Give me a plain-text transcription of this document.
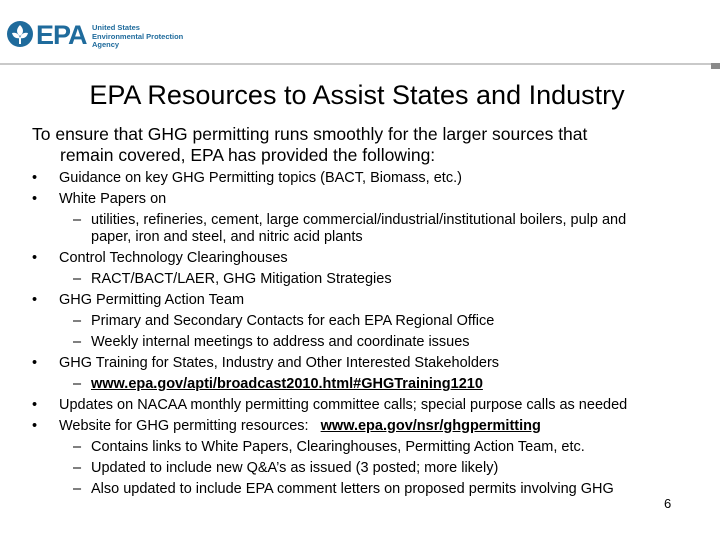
EPA United States
Environmental Protection
Agency
EPA Resources to Assist States and Industry
To ensure that GHG permitting runs smoothly for the larger sources that
remain covered, EPA has provided the following:
• Guidance on key GHG Permitting topics (BACT, Biomass, etc.)
• White Papers on
– utilities, refineries, cement, large commercial/industrial/institutional boilers, pulp and
paper, iron and steel, and nitric acid plants
• Control Technology Clearinghouses
– RACT/BACT/LAER, GHG Mitigation Strategies
• GHG Permitting Action Team
– Primary and Secondary Contacts for each EPA Regional Office
– Weekly internal meetings to address and coordinate issues
• GHG Training for States, Industry and Other Interested Stakeholders
– www.epa.gov/apti/broadcast2010.html#GHGTraining1210
• Updates on NACAA monthly permitting committee calls; special purpose calls as needed
• Website for GHG permitting resources: www.epa.gov/nsr/ghgpermitting
– Contains links to White Papers, Clearinghouses, Permitting Action Team, etc.
– Updated to include new Q&A’s as issued (3 posted; more likely)
– Also updated to include EPA comment letters on proposed permits involving GHG
6
